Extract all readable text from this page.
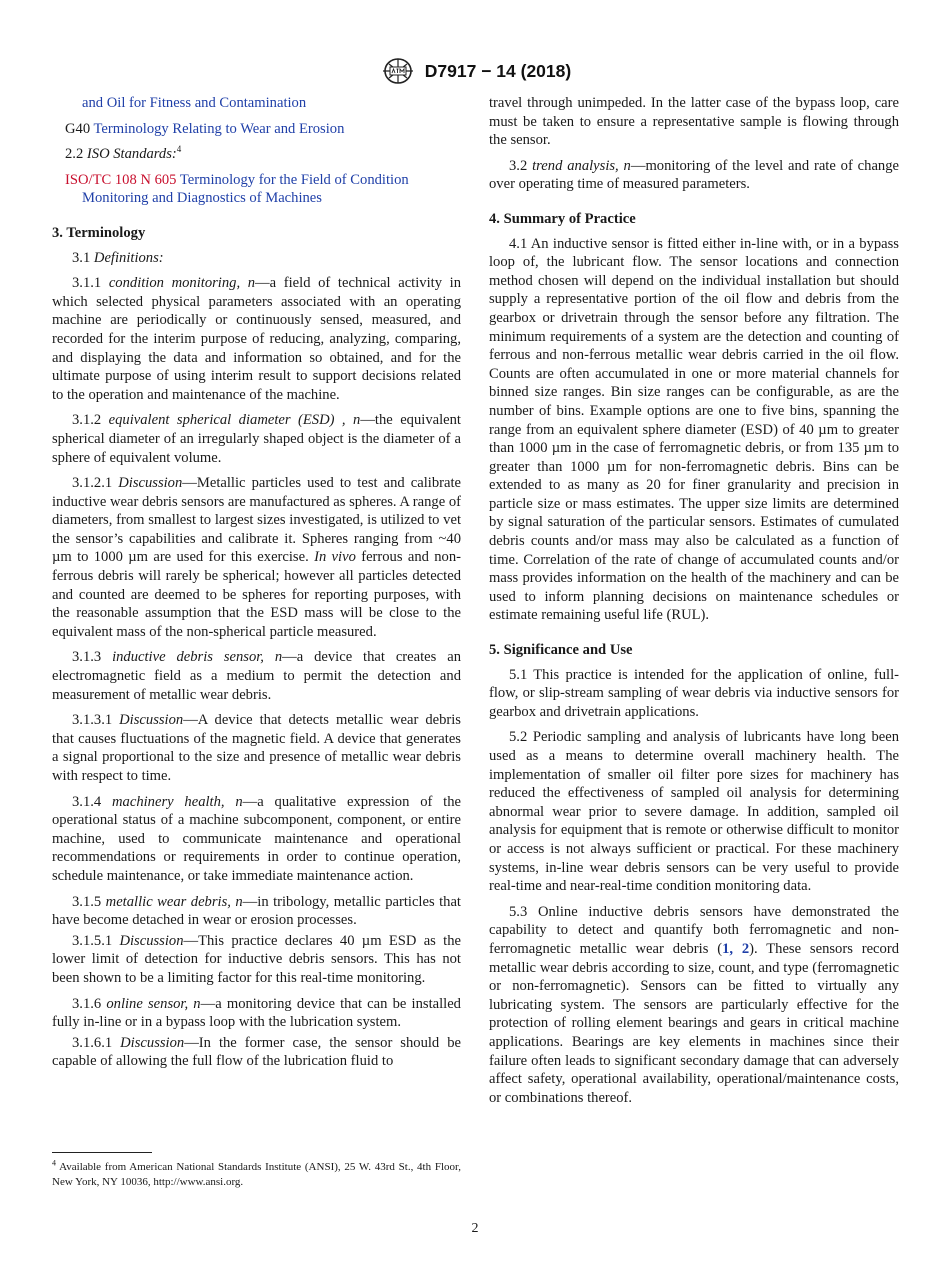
D7917 − 14 (2018)

and Oil for Fitness and Contamination

G40 Terminology Relating to Wear and Erosion

2.2 ISO Standards:$^4$

ISO/TC 108 N 605 Terminology for the Field of Condition
Monitoring and Diagnostics of Machines

3. Terminology

3.1 Definitions:

3.1.1 condition monitoring, n—a field of technical activity in which selected physical parameters associated with an operating machine are periodically or continuously sensed, measured, and recorded for the interim purpose of reducing, analyzing, comparing, and displaying the data and information so obtained, and for the ultimate purpose of using interim result to support decisions related to the operation and maintenance of the machine.

3.1.2 equivalent spherical diameter (ESD) , n—the equivalent spherical diameter of an irregularly shaped object is the diameter of a sphere of equivalent volume.

3.1.2.1 Discussion—Metallic particles used to test and calibrate inductive wear debris sensors are manufactured as spheres. A range of diameters, from smallest to largest sizes investigated, is utilized to vet the sensor’s capabilities and calibrate it. Spheres ranging from ~40 µm to 1000 µm are used for this exercise. In vivo ferrous and non-ferrous debris will rarely be spherical; however all particles detected and counted are deemed to be spheres for reporting purposes, with the reasonable assumption that the ESD mass will be close to the equivalent mass of the non-spherical particle measured.

3.1.3 inductive debris sensor, n—a device that creates an electromagnetic field as a medium to permit the detection and measurement of metallic wear debris.

3.1.3.1 Discussion—A device that detects metallic wear debris that causes fluctuations of the magnetic field. A device that generates a signal proportional to the size and presence of metallic wear debris with respect to time.

3.1.4 machinery health, n—a qualitative expression of the operational status of a machine subcomponent, component, or entire machine, used to communicate maintenance and operational recommendations or requirements in order to continue operation, schedule maintenance, or take immediate maintenance action.

3.1.5 metallic wear debris, n—in tribology, metallic particles that have become detached in wear or erosion processes.

3.1.5.1 Discussion—This practice declares 40 µm ESD as the lower limit of detection for inductive debris sensors. This has not been shown to be a limiting factor for this real-time monitoring.

3.1.6 online sensor, n—a monitoring device that can be installed fully in-line or in a bypass loop with the lubrication system.

3.1.6.1 Discussion—In the former case, the sensor should be capable of allowing the full flow of the lubrication fluid to

travel through unimpeded. In the latter case of the bypass loop, care must be taken to ensure a representative sample is flowing through the sensor.

3.2 trend analysis, n—monitoring of the level and rate of change over operating time of measured parameters.

4. Summary of Practice

4.1 An inductive sensor is fitted either in-line with, or in a bypass loop of, the lubricant flow. The sensor locations and connection method chosen will depend on the individual installation but should supply a representative portion of the oil flow and debris from the gearbox or drivetrain through the sensor before any filtration. The minimum requirements of a system are the detection and counting of ferrous and non-ferrous metallic wear debris carried in the oil flow. Counts are often accumulated in one or more material channels for binned size ranges. Bin size ranges can be configurable, as are the number of bins. Example options are one to five bins, spanning the range from an equivalent sphere diameter (ESD) of 40 µm to greater than 1000 µm in the case of ferromagnetic debris, or from 135 µm to greater than 1000 µm for non-ferromagnetic debris. Bins can be extended to as many as 20 for finer granularity and precision in particle size or mass estimates. The upper size limits are determined by signal saturation of the particular sensors. Estimates of cumulated debris counts and/or mass may also be calculated as a function of time. Correlation of the rate of change of accumulated counts and/or mass provides information on the health of the machinery and can be used to inform planning decisions on maintenance schedules or estimate remaining useful life (RUL).

5. Significance and Use

5.1 This practice is intended for the application of online, full-flow, or slip-stream sampling of wear debris via inductive sensors for gearbox and drivetrain applications.

5.2 Periodic sampling and analysis of lubricants have long been used as a means to determine overall machinery health. The implementation of smaller oil filter pore sizes for machinery has reduced the effectiveness of sampled oil analysis for determining abnormal wear prior to severe damage. In addition, sampled oil analysis for equipment that is remote or otherwise difficult to monitor or access is not always sufficient or practical. For these machinery systems, in-line wear debris sensors can be very useful to provide real-time and near-real-time condition monitoring data.

5.3 Online inductive debris sensors have demonstrated the capability to detect and quantify both ferromagnetic and non-ferromagnetic metallic wear debris (1, 2). These sensors record metallic wear debris according to size, count, and type (ferromagnetic or non-ferromagnetic). Sensors can be fitted to virtually any lubricating system. The sensors are particularly effective for the protection of rolling element bearings and gears in critical machine applications. Bearings are key elements in machines since their failure often leads to significant secondary damage that can adversely affect safety, operational availability, operational/maintenance costs, or combinations thereof.

$^4$ Available from American National Standards Institute (ANSI), 25 W. 43rd St., 4th Floor, New York, NY 10036, http://www.ansi.org.
2
